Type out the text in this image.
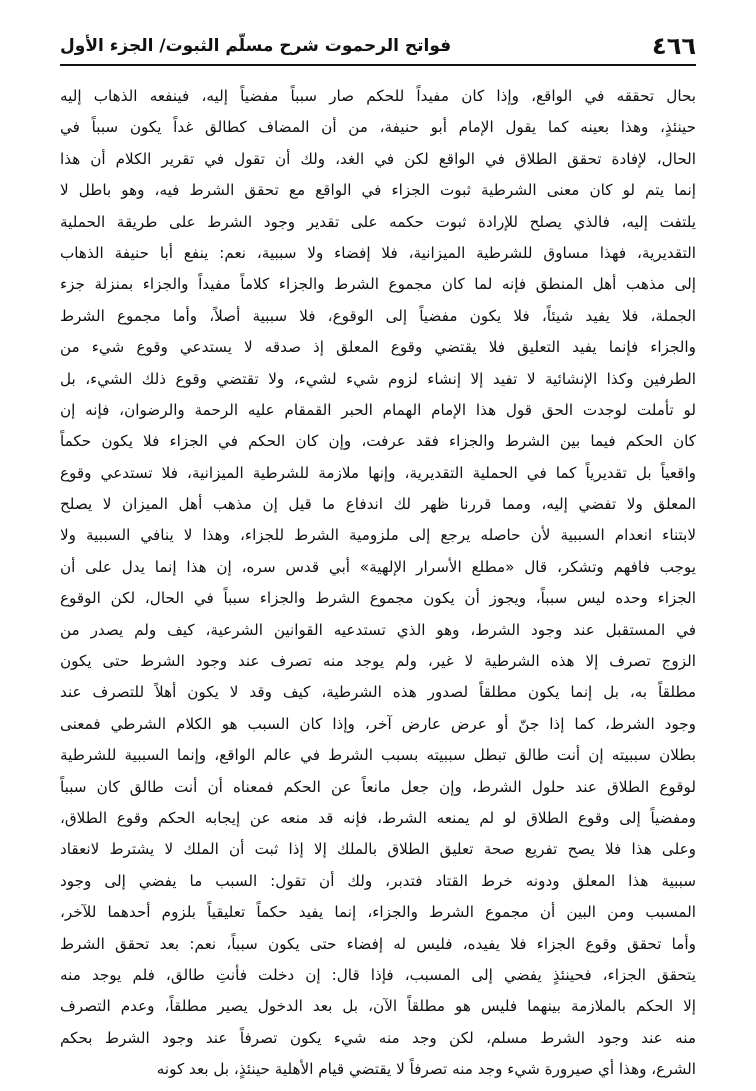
٤٦٦
فواتح الرحموت شرح مسلّم الثبوت/ الجزء الأول
بحال تحققه في الواقع، وإذا كان مفيداً للحكم صار سبباً مفضياً إليه، فينفعه الذهاب إليه
حينئذٍ، وهذا بعينه كما يقول الإمام أبو حنيفة، من أن المضاف كطالق غداً يكون سبباً في
الحال، لإفادة تحقق الطلاق في الواقع لكن في الغد، ولك أن تقول في تقرير الكلام أن هذا
إنما يتم لو كان معنى الشرطية ثبوت الجزاء في الواقع مع تحقق الشرط فيه، وهو باطل لا
يلتفت إليه، فالذي يصلح للإرادة ثبوت حكمه على تقدير وجود الشرط على طريقة الحملية
التقديرية، فهذا مساوق للشرطية الميزانية، فلا إفضاء ولا سببية، نعم: ينفع أبا حنيفة الذهاب
إلى مذهب أهل المنطق فإنه لما كان مجموع الشرط والجزاء كلاماً مفيداً والجزاء بمنزلة جزء
الجملة، فلا يفيد شيئاً، فلا يكون مفضياً إلى الوقوع، فلا سببية أصلاً، وأما مجموع الشرط
والجزاء فإنما يفيد التعليق فلا يقتضي وقوع المعلق إذ صدقه لا يستدعي وقوع شيء من
الطرفين وكذا الإنشائية لا تفيد إلا إنشاء لزوم شيء لشيء، ولا تقتضي وقوع ذلك الشيء، بل
لو تأملت لوجدت الحق قول هذا الإمام الهمام الحبر القمقام عليه الرحمة والرضوان، فإنه إن
كان الحكم فيما بين الشرط والجزاء فقد عرفت، وإن كان الحكم في الجزاء فلا يكون حكماً
واقعياً بل تقديرياً كما في الحملية التقديرية، وإنها ملازمة للشرطية الميزانية، فلا تستدعي وقوع
المعلق ولا تفضي إليه، ومما قررنا ظهر لك اندفاع ما قيل إن مذهب أهل الميزان لا يصلح
لابتناء انعدام السببية لأن حاصله يرجع إلى ملزومية الشرط للجزاء، وهذا لا ينافي السببية ولا
يوجب فافهم وتشكر، قال «مطلع الأسرار الإلهية» أبي قدس سره، إن هذا إنما يدل على أن
الجزاء وحده ليس سبباً، ويجوز أن يكون مجموع الشرط والجزاء سبباً في الحال، لكن الوقوع
في المستقبل عند وجود الشرط، وهو الذي تستدعيه القوانين الشرعية، كيف ولم يصدر من
الزوج تصرف إلا هذه الشرطية لا غير، ولم يوجد منه تصرف عند وجود الشرط حتى يكون
مطلقاً به، بل إنما يكون مطلقاً لصدور هذه الشرطية، كيف وقد لا يكون أهلاً للتصرف عند
وجود الشرط، كما إذا جنّ أو عرض عارض آخر، وإذا كان السبب هو الكلام الشرطي فمعنى
بطلان سببيته إن أنت طالق تبطل سببيته بسبب الشرط في عالم الواقع، وإنما السببية للشرطية
لوقوع الطلاق عند حلول الشرط، وإن جعل مانعاً عن الحكم فمعناه أن أنت طالق كان سبباً
ومفضياً إلى وقوع الطلاق لو لم يمنعه الشرط، فإنه قد منعه عن إيجابه الحكم وقوع الطلاق،
وعلى هذا فلا يصح تفريع صحة تعليق الطلاق بالملك إلا إذا ثبت أن الملك لا يشترط لانعقاد
سببية هذا المعلق ودونه خرط القتاد فتدبر، ولك أن تقول: السبب ما يفضي إلى وجود
المسبب ومن البين أن مجموع الشرط والجزاء، إنما يفيد حكماً تعليقياً بلزوم أحدهما للآخر،
وأما تحقق وقوع الجزاء فلا يفيده، فليس له إفضاء حتى يكون سبباً، نعم: بعد تحقق الشرط
يتحقق الجزاء، فحينئذٍ يفضي إلى المسبب، فإذا قال: إن دخلت فأنتِ طالق، فلم يوجد منه
إلا الحكم بالملازمة بينهما فليس هو مطلقاً الآن، بل بعد الدخول يصير مطلقاً، وعدم التصرف
منه عند وجود الشرط مسلم، لكن وجد منه شيء يكون تصرفاً عند وجود الشرط بحكم
الشرع، وهذا أي صيرورة شيء وجد منه تصرفاً لا يقتضي قيام الأهلية حينئذٍ، بل بعد كونه
